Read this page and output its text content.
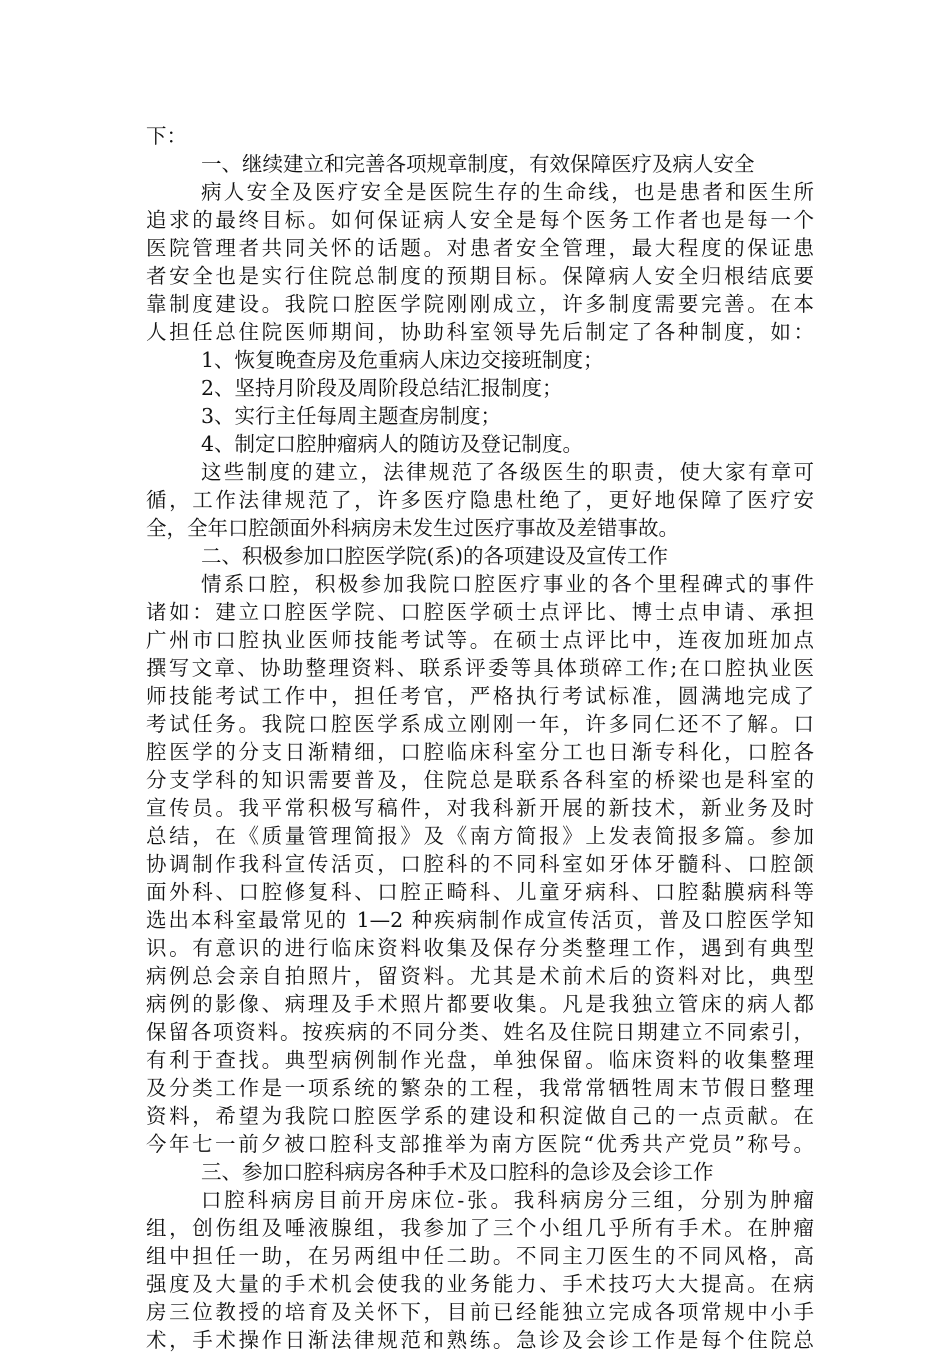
下：
一、继续建立和完善各项规章制度，有效保障医疗及病人安全
病人安全及医疗安全是医院生存的生命线，也是患者和医生所
追求的最终目标。如何保证病人安全是每个医务工作者也是每一个
医院管理者共同关怀的话题。对患者安全管理，最大程度的保证患
者安全也是实行住院总制度的预期目标。保障病人安全归根结底要
靠制度建设。我院口腔医学院刚刚成立，许多制度需要完善。在本
人担任总住院医师期间，协助科室领导先后制定了各种制度，如：
1、恢复晚查房及危重病人床边交接班制度；
2、坚持月阶段及周阶段总结汇报制度；
3、实行主任每周主题查房制度；
4、制定口腔肿瘤病人的随访及登记制度。
这些制度的建立，法律规范了各级医生的职责，使大家有章可
循，工作法律规范了，许多医疗隐患杜绝了，更好地保障了医疗安
全，全年口腔颌面外科病房未发生过医疗事故及差错事故。
二、积极参加口腔医学院(系)的各项建设及宣传工作
情系口腔，积极参加我院口腔医疗事业的各个里程碑式的事件
诸如：建立口腔医学院、口腔医学硕士点评比、博士点申请、承担
广州市口腔执业医师技能考试等。在硕士点评比中，连夜加班加点
撰写文章、协助整理资料、联系评委等具体琐碎工作;在口腔执业医
师技能考试工作中，担任考官，严格执行考试标准，圆满地完成了
考试任务。我院口腔医学系成立刚刚一年，许多同仁还不了解。口
腔医学的分支日渐精细，口腔临床科室分工也日渐专科化，口腔各
分支学科的知识需要普及，住院总是联系各科室的桥梁也是科室的
宣传员。我平常积极写稿件，对我科新开展的新技术，新业务及时
总结，在《质量管理简报》及《南方简报》上发表简报多篇。参加
协调制作我科宣传活页，口腔科的不同科室如牙体牙髓科、口腔颌
面外科、口腔修复科、口腔正畸科、儿童牙病科、口腔黏膜病科等
选出本科室最常见的 1—2 种疾病制作成宣传活页，普及口腔医学知
识。有意识的进行临床资料收集及保存分类整理工作，遇到有典型
病例总会亲自拍照片，留资料。尤其是术前术后的资料对比，典型
病例的影像、病理及手术照片都要收集。凡是我独立管床的病人都
保留各项资料。按疾病的不同分类、姓名及住院日期建立不同索引，
有利于查找。典型病例制作光盘，单独保留。临床资料的收集整理
及分类工作是一项系统的繁杂的工程，我常常牺牲周末节假日整理
资料，希望为我院口腔医学系的建设和积淀做自己的一点贡献。在
今年七一前夕被口腔科支部推举为南方医院“优秀共产党员”称号。
三、参加口腔科病房各种手术及口腔科的急诊及会诊工作
口腔科病房目前开房床位-张。我科病房分三组，分别为肿瘤
组，创伤组及唾液腺组，我参加了三个小组几乎所有手术。在肿瘤
组中担任一助，在另两组中任二助。不同主刀医生的不同风格，高
强度及大量的手术机会使我的业务能力、手术技巧大大提高。在病
房三位教授的培育及关怀下，目前已经能独立完成各项常规中小手
术，手术操作日渐法律规范和熟练。急诊及会诊工作是每个住院总
